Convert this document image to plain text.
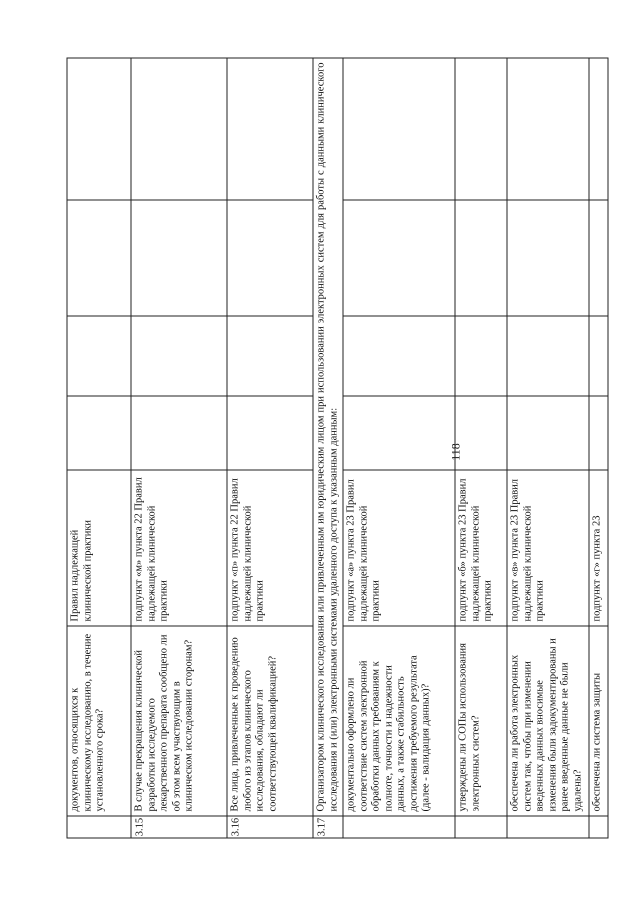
118
	документов, относящихся к клиническому исследованию, в течение установленного срока?	Правил надлежащей клинической практики				
3.15	В случае прекращения клинической разработки исследуемого лекарственного препарата сообщено ли об этом всем участвующим в клиническом исследовании сторонам?	подпункт «м» пункта 22 Правил надлежащей клинической практики				
3.16	Все лица, привлеченные к проведению любого из этапов клинического исследования, обладают ли соответствующей квалификацией?	подпункт «п» пункта 22 Правил надлежащей клинической практики				
3.17	Организатором клинического исследования или привлеченным им юридическим лицом при использовании электронных систем для работы с данными клинического исследования и (или) электронными системами удаленного доступа к указанным данным:					
	документально оформлено ли соответствие систем электронной обработки данных требованиям к полноте, точности и надежности данных, а также стабильность достижения требуемого результата (далее - валидация данных)?	подпункт «а» пункта 23 Правил надлежащей клинической практики				
	утверждены ли СОПы использования электронных систем?	подпункт «б» пункта 23 Правил надлежащей клинической практики				
	обеспечена ли работа электронных систем так, чтобы при изменении введенных данных вносимые изменения были задокументированы и ранее введенные данные не были удалены?	подпункт «в» пункта 23 Правил надлежащей клинической практики				
	обеспечена ли система защиты	подпункт «г» пункта 23				
